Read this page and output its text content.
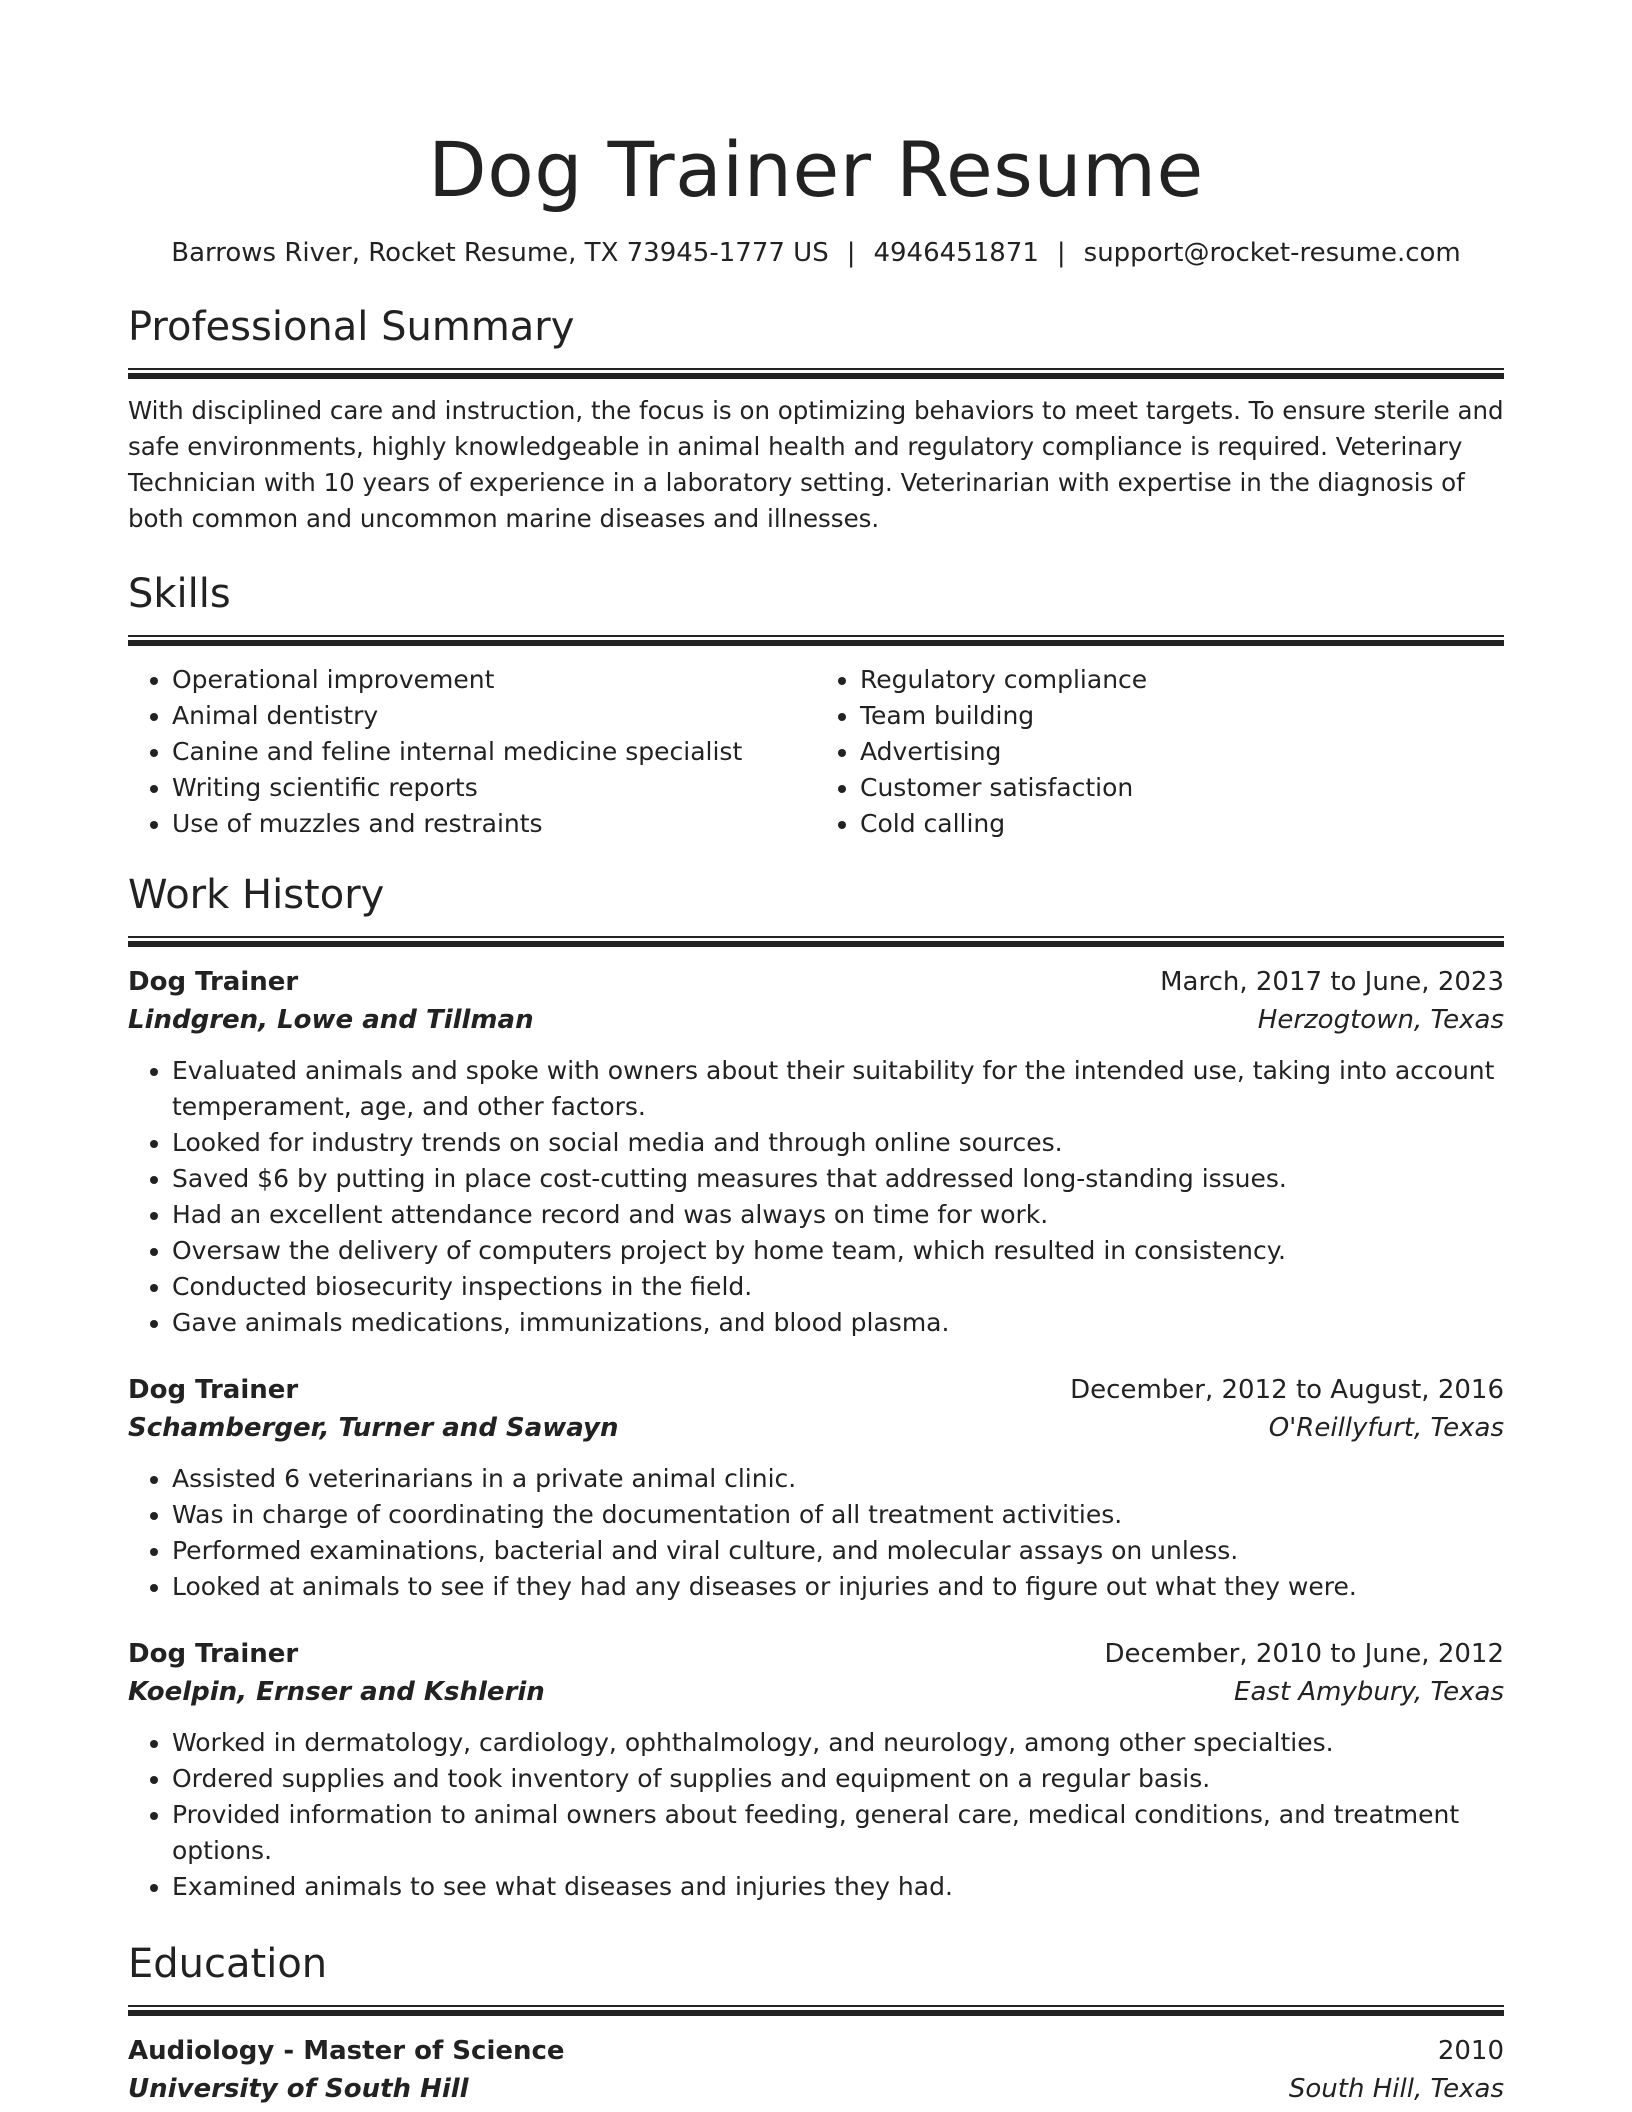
Dog Trainer Resume
Barrows River, Rocket Resume, TX 73945-1777 US | 4946451871 | support@rocket-resume.com
Professional Summary
With disciplined care and instruction, the focus is on optimizing behaviors to meet targets. To ensure sterile and safe environments, highly knowledgeable in animal health and regulatory compliance is required. Veterinary Technician with 10 years of experience in a laboratory setting. Veterinarian with expertise in the diagnosis of both common and uncommon marine diseases and illnesses.
Skills
• Operational improvement
• Animal dentistry
• Canine and feline internal medicine specialist
• Writing scientific reports
• Use of muzzles and restraints
• Regulatory compliance
• Team building
• Advertising
• Customer satisfaction
• Cold calling
Work History
Dog Trainer	March, 2017 to June, 2023
Lindgren, Lowe and Tillman	Herzogtown, Texas
• Evaluated animals and spoke with owners about their suitability for the intended use, taking into account temperament, age, and other factors.
• Looked for industry trends on social media and through online sources.
• Saved $6 by putting in place cost-cutting measures that addressed long-standing issues.
• Had an excellent attendance record and was always on time for work.
• Oversaw the delivery of computers project by home team, which resulted in consistency.
• Conducted biosecurity inspections in the field.
• Gave animals medications, immunizations, and blood plasma.
Dog Trainer	December, 2012 to August, 2016
Schamberger, Turner and Sawayn	O'Reillyfurt, Texas
• Assisted 6 veterinarians in a private animal clinic.
• Was in charge of coordinating the documentation of all treatment activities.
• Performed examinations, bacterial and viral culture, and molecular assays on unless.
• Looked at animals to see if they had any diseases or injuries and to figure out what they were.
Dog Trainer	December, 2010 to June, 2012
Koelpin, Ernser and Kshlerin	East Amybury, Texas
• Worked in dermatology, cardiology, ophthalmology, and neurology, among other specialties.
• Ordered supplies and took inventory of supplies and equipment on a regular basis.
• Provided information to animal owners about feeding, general care, medical conditions, and treatment options.
• Examined animals to see what diseases and injuries they had.
Education
Audiology - Master of Science	2010
University of South Hill	South Hill, Texas
